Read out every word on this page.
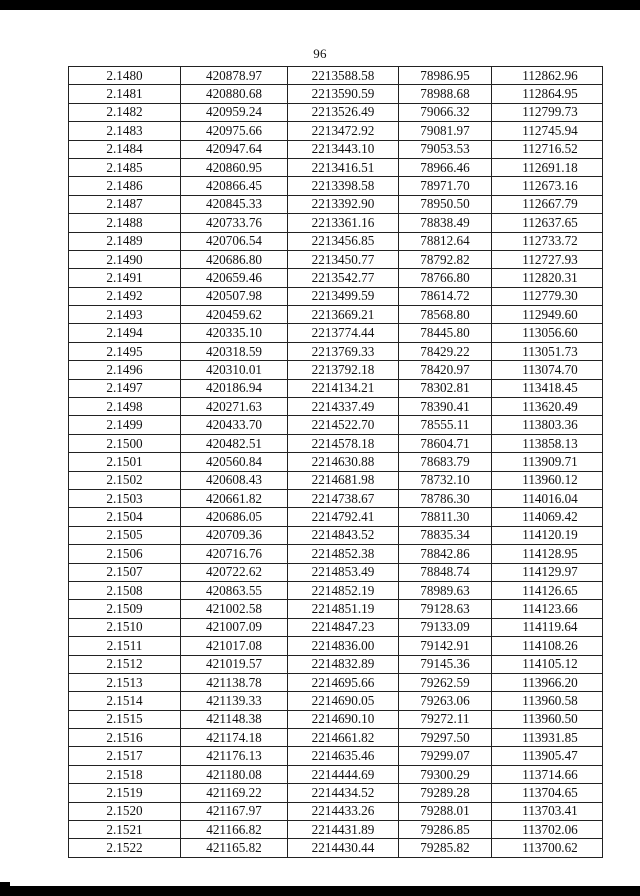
96
2.1480	420878.97	2213588.58	78986.95	112862.96
2.1481	420880.68	2213590.59	78988.68	112864.95
2.1482	420959.24	2213526.49	79066.32	112799.73
2.1483	420975.66	2213472.92	79081.97	112745.94
2.1484	420947.64	2213443.10	79053.53	112716.52
2.1485	420860.95	2213416.51	78966.46	112691.18
2.1486	420866.45	2213398.58	78971.70	112673.16
2.1487	420845.33	2213392.90	78950.50	112667.79
2.1488	420733.76	2213361.16	78838.49	112637.65
2.1489	420706.54	2213456.85	78812.64	112733.72
2.1490	420686.80	2213450.77	78792.82	112727.93
2.1491	420659.46	2213542.77	78766.80	112820.31
2.1492	420507.98	2213499.59	78614.72	112779.30
2.1493	420459.62	2213669.21	78568.80	112949.60
2.1494	420335.10	2213774.44	78445.80	113056.60
2.1495	420318.59	2213769.33	78429.22	113051.73
2.1496	420310.01	2213792.18	78420.97	113074.70
2.1497	420186.94	2214134.21	78302.81	113418.45
2.1498	420271.63	2214337.49	78390.41	113620.49
2.1499	420433.70	2214522.70	78555.11	113803.36
2.1500	420482.51	2214578.18	78604.71	113858.13
2.1501	420560.84	2214630.88	78683.79	113909.71
2.1502	420608.43	2214681.98	78732.10	113960.12
2.1503	420661.82	2214738.67	78786.30	114016.04
2.1504	420686.05	2214792.41	78811.30	114069.42
2.1505	420709.36	2214843.52	78835.34	114120.19
2.1506	420716.76	2214852.38	78842.86	114128.95
2.1507	420722.62	2214853.49	78848.74	114129.97
2.1508	420863.55	2214852.19	78989.63	114126.65
2.1509	421002.58	2214851.19	79128.63	114123.66
2.1510	421007.09	2214847.23	79133.09	114119.64
2.1511	421017.08	2214836.00	79142.91	114108.26
2.1512	421019.57	2214832.89	79145.36	114105.12
2.1513	421138.78	2214695.66	79262.59	113966.20
2.1514	421139.33	2214690.05	79263.06	113960.58
2.1515	421148.38	2214690.10	79272.11	113960.50
2.1516	421174.18	2214661.82	79297.50	113931.85
2.1517	421176.13	2214635.46	79299.07	113905.47
2.1518	421180.08	2214444.69	79300.29	113714.66
2.1519	421169.22	2214434.52	79289.28	113704.65
2.1520	421167.97	2214433.26	79288.01	113703.41
2.1521	421166.82	2214431.89	79286.85	113702.06
2.1522	421165.82	2214430.44	79285.82	113700.62
